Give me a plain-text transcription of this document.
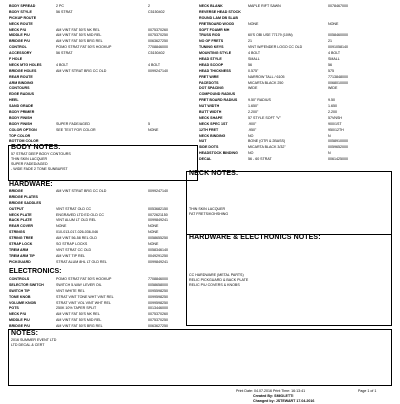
BODY SPREAD	2 PC	2
BODY STYLE	56 STRAT	C5150402
PICKUP ROUTE
NECK ROUTE
NECK P/U	AM VINT FAT 50'S NK REL	0075370260
MIDDLE P/U	AM VINT FAT 50'S MID REL	0075370250
BRIDGE P/U	AM VINT FAT 50'S BRG REL	0063627250
CONTROL	POMO STRAT FAT 50'S HOOKUP	7708846000
ACCESSORY	56 STRAT	C5150402
F HOLE
NECK MTG HOLES	4 BOLT	4 BOLT
BRIDGE HOLES	AM VINT STRAT BRG CC OLD	0099247140
REAR ROUTE
ARM BINDING
CONTOURS
EDGE RADIUS
HEEL
SAND GRADE
BODY PRIMER
BODY FINISH
BODY FINISH	SUPER FADE/AGED	5
COLOR OPTION	SEE TEXT FOR COLOR	NONE
TOP COLOR
BOTTOM COLOR
NECK BLANK	MAPLE RIFT SAWN	0078467000
REVERSE HEAD STOCK
ROUND LAM DB SLAB
FRETBOARD WOOD	NONE	NONE
SOFT FOAMR MH
TRUSS ROD	60'S OBI USE 77179 (10IN)	0058460000
NO OF FRETS	21	21
TUNING KEYS	VINT W/FENDER LOGO CC OLD	0091058140
MOUNTING STYLE	4 BOLT	4 BOLT
HEAD STYLE	SMALL	SMALL
HEAD SCOOP	56	56
HEAD THICKNESS	0.575"	575
FRET WIRE	NARROW TALL / 6105	7713848000
FACEDOTS	MICARTA BLACK 250	0068010000
DOT SPACING	WIDE	WIDE
COMPOUND RADIUS
FRET BOARD RADIUS	9.50" RADIUS	9.50
NUT WIDTH	1.650"	1.650
BUTT WIDTH	2.200"	2.200
NECK SHAPE	57 STYLE SOFT "V"	57VNSH
NECK SPEC 1ST	.900"	900/1ST
12TH FRET	.950"	950/12TH
NECK BINDING	NO	N
NUT	BONE (OTR & 2BASS)	0058910000
SIDE DOTS	MICARTA BLACK 3/32"	0059652000
HEADSTOCK BINDING	NO	N
DECAL	56 - 60 STRAT	0061425000
BODY NOTES:
57 STRAT DEEP BODY CONTOURS
THIN SKIN LACQUER
SUPER FADED/AGED
- WIDE FADE 2 TONE SUNBURST
NECK NOTES:
THIN SKIN LACQUER
FAT FRETS/KOHSHING
HARDWARE:
BRIDGE	AM VINT STRAT BRG CC OLD	0099247140
BRIDGE PLATES
BRIDGE SADDLES
OUTPUT	VINT STRAT OLD CC	0053682150
NECK PLATE	ENGRAVED LTD ED OLD CC	0072621150
BACK PLATE	VINT ALUM LT OLD REL	0099849241
REAR COVER	NONE	NONE
STRINGS	010-013-017-026-036-046	NONE
STRING TREE	AM VINT 56-58 REL OLD	0058655250
STRAP LOCK	SO STRAP LOCKS	NONE
TREM ARM	VINT STRAT CC OLD	0058346140
TREM ARM TIP	AM VINT TIP REL	0049291250
PICKGUARD	STRAT ALUM 8HL LT OLD REL	0099849241
HARDWARE & ELECTRONICS NOTES:
CC HARDWARE (METAL PARTS)
RELIC PICKGUARD & BACK PLATE
RELIC P/U COVERS & KNOBS
ELECTRONICS:
CONTROLS	POMO STRAT FAT 50'S HOOKUP	7708846000
SELECTOR SWITCH	SWITCH 5-WAY LEVER OIL	0058658000
SWITCH TIP	VINT WHITE REL	0095598250
TONE KNOB	STRAT VINT TONE WHT VINT REL	0099598250
VOLUME KNOB	STRAT VINT VOL VINT WHT REL	0099598250
POTS	250K 10% TAPER SPLIT	0013446000
NECK P/U	AM VINT FAT 50'S NK REL	0075370260
MIDDLE P/U	AM VINT FAT 50'S MID REL	0075370250
BRIDGE P/U	AM VINT FAT 50'S BRG REL	0063627250
NOTES:
2016 SUMMER EVENT LTD
LTD DECAL & CERT
Print Date: 04.07.2016 Print Time: 16:13:41	Page 1 of 1
Created By: SMIOLETTI
Changed by: JSTEWART 17.04.2016
